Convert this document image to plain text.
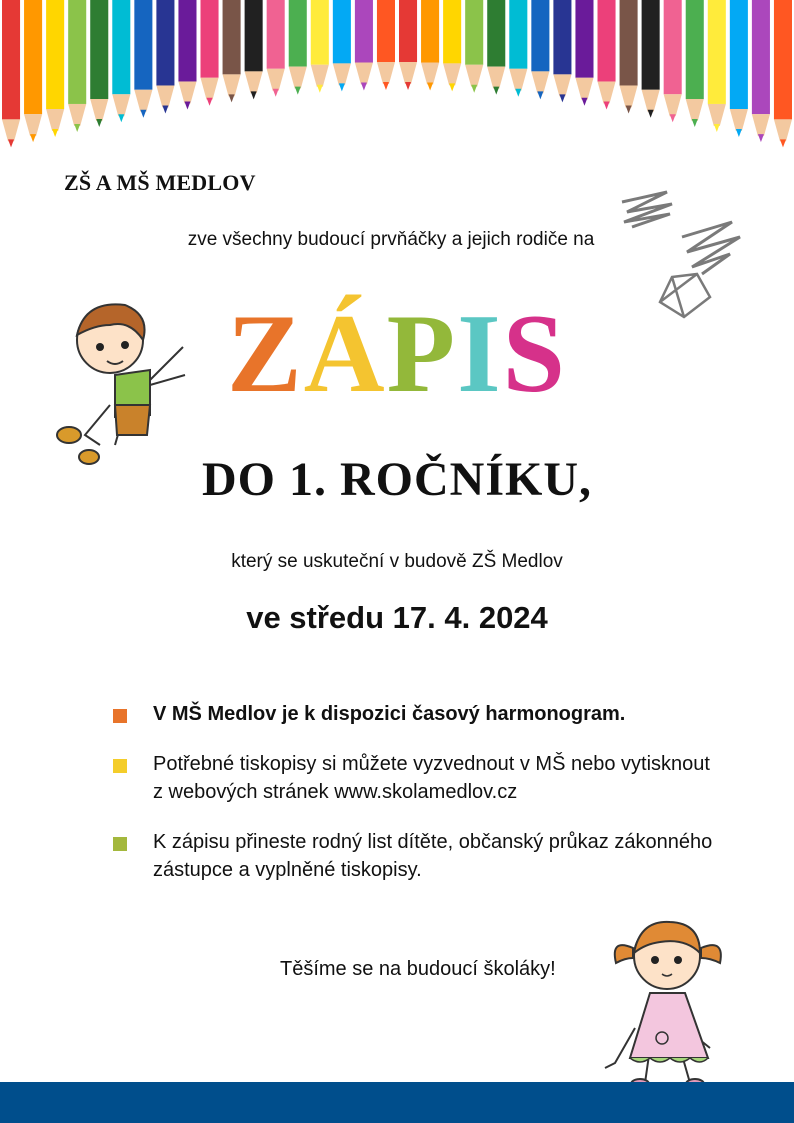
ZŠ A MŠ MEDLOV
zve všechny budoucí prvňáčky a jejich rodiče na
ZÁPIS
DO 1. ROČNÍKU,
který se uskuteční v budově ZŠ Medlov
ve středu 17. 4. 2024
V MŠ Medlov je k dispozici časový harmonogram.
Potřebné tiskopisy si můžete vyzvednout v MŠ nebo vytisknout z webových stránek www.skolamedlov.cz
K zápisu přineste rodný list dítěte, občanský průkaz zákonného zástupce a vyplněné tiskopisy.
Těšíme se na budoucí školáky!
